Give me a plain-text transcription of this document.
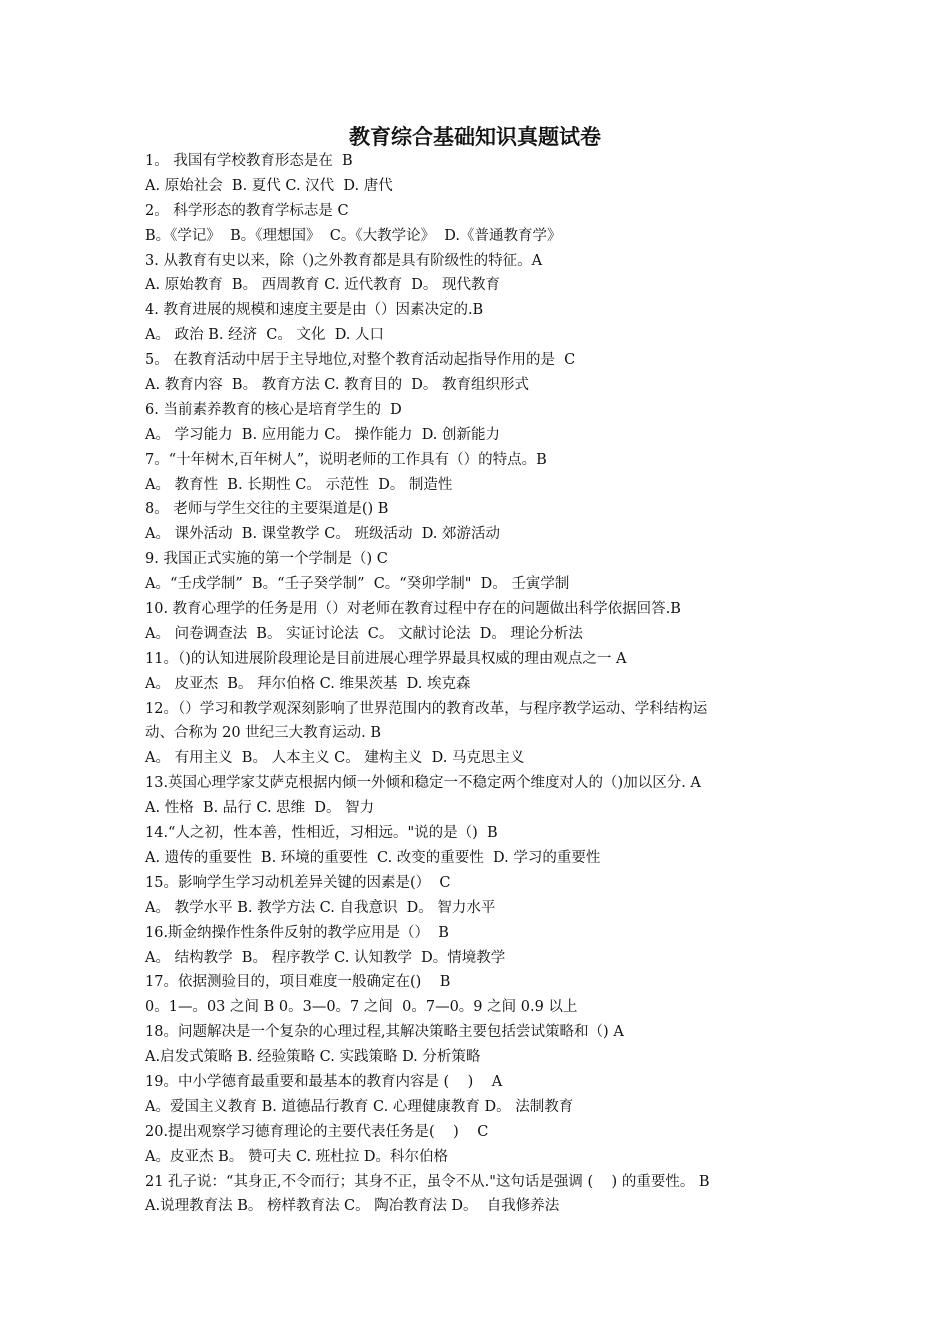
教育综合基础知识真题试卷
1。 我国有学校教育形态是在  B
A. 原始社会  B. 夏代 C. 汉代  D. 唐代
2。 科学形态的教育学标志是 C
B。《学记》  B。《理想国》  C。《大教学论》  D.《普通教育学》
3. 从教育有史以来，除（)之外教育都是具有阶级性的特征。A
A. 原始教育  B。 西周教育 C. 近代教育  D。 现代教育
4. 教育进展的规模和速度主要是由（）因素决定的.B
A。 政治 B. 经济  C。 文化  D. 人口
5。 在教育活动中居于主导地位,对整个教育活动起指导作用的是  C
A. 教育内容  B。 教育方法 C. 教育目的  D。 教育组织形式
6. 当前素养教育的核心是培育学生的  D
A。 学习能力  B. 应用能力 C。 操作能力  D. 创新能力
7。“十年树木,百年树人”，说明老师的工作具有（）的特点。B
A。 教育性  B. 长期性 C。 示范性  D。 制造性
8。 老师与学生交往的主要渠道是() B
A。 课外活动  B. 课堂教学 C。 班级活动  D. 郊游活动
9. 我国正式实施的第一个学制是（) C
A。“壬戌学制”  B。“壬子癸学制”  C。“癸卯学制"  D。 壬寅学制
10. 教育心理学的任务是用（）对老师在教育过程中存在的问题做出科学依据回答.B
A。 问卷调查法  B。 实证讨论法  C。 文献讨论法  D。 理论分析法
11。（)的认知进展阶段理论是目前进展心理学界最具权威的理由观点之一 A
A。 皮亚杰  B。 拜尔伯格 C. 维果茨基  D. 埃克森
12。（）学习和教学观深刻影响了世界范围内的教育改革，与程序教学运动、学科结构运
动、合称为 20 世纪三大教育运动. B
A。 有用主义  B。 人本主义 C。 建构主义  D. 马克思主义
13.英国心理学家艾萨克根据内倾一外倾和稳定一不稳定两个维度对人的（)加以区分. A
A. 性格  B. 品行 C. 思维  D。 智力
14.“人之初，性本善，性相近，习相远。"说的是（)  B
A. 遗传的重要性  B. 环境的重要性  C. 改变的重要性  D. 学习的重要性
15。影响学生学习动机差异关键的因素是(）  C
A。 教学水平 B. 教学方法 C. 自我意识  D。 智力水平
16.斯金纳操作性条件反射的教学应用是（）  B
A。 结构教学  B。 程序教学 C. 认知教学  D。情境教学
17。依据测验目的，项目难度一般确定在()    B
0。1—。03 之间 B 0。3—0。7 之间  0。7—0。9 之间 0.9 以上
18。问题解决是一个复杂的心理过程,其解决策略主要包括尝试策略和（) A
A.启发式策略 B. 经验策略 C. 实践策略 D. 分析策略
19。中小学德育最重要和最基本的教育内容是 (    )    A
A。爱国主义教育 B. 道德品行教育 C. 心理健康教育 D。 法制教育
20.提出观察学习德育理论的主要代表任务是(    )    C
A。皮亚杰 B。 赞可夫 C. 班杜拉 D。科尔伯格
21 孔子说：“其身正,不令而行；其身不正，虽令不从."这句话是强调 (    ) 的重要性。 B
A.说理教育法 B。 榜样教育法 C。 陶冶教育法 D。  自我修养法
